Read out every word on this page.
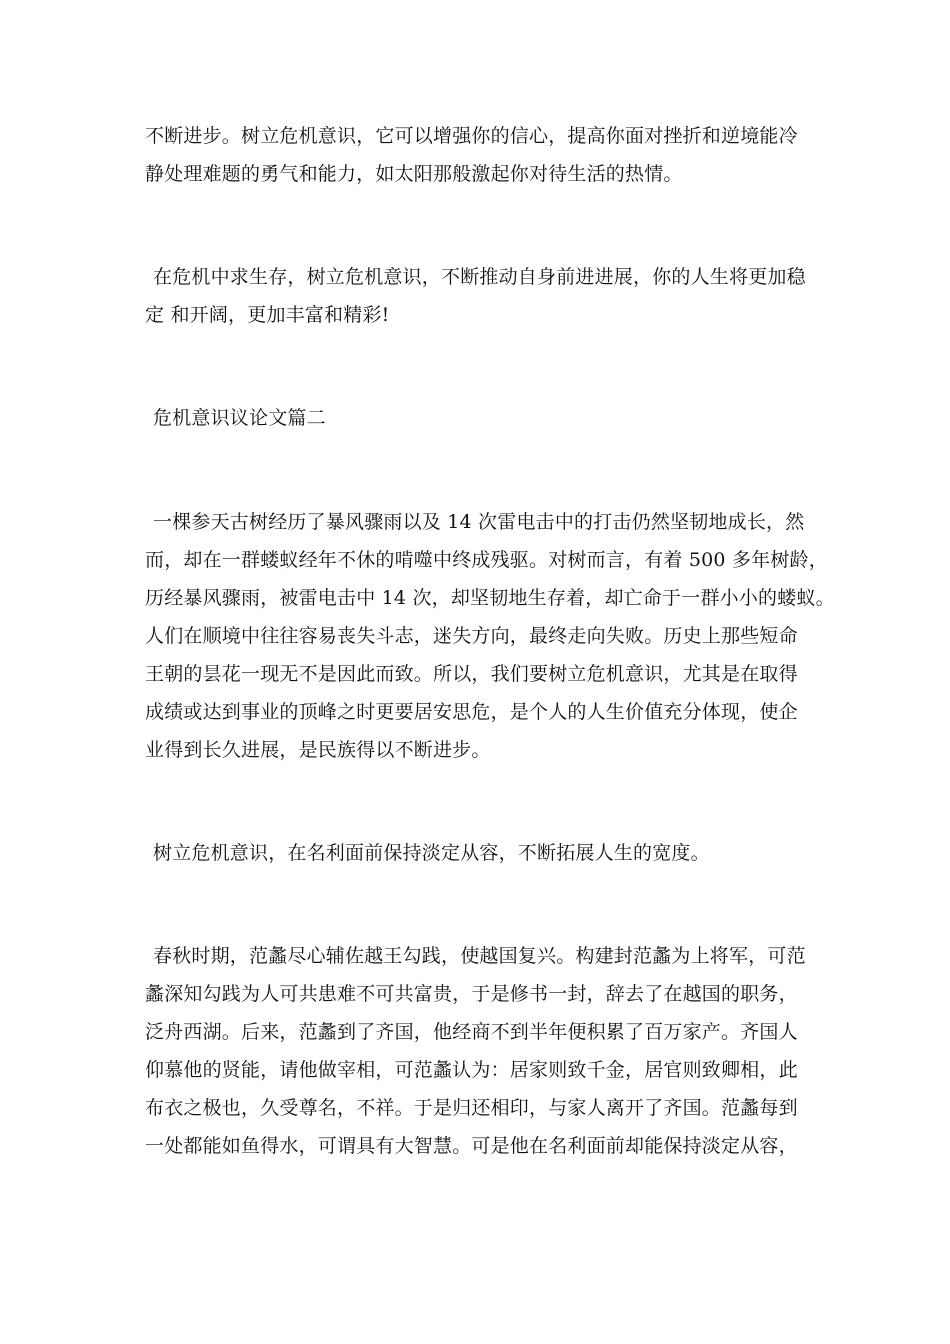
不断进步。树立危机意识，它可以增强你的信心，提高你面对挫折和逆境能冷
静处理难题的勇气和能力，如太阳那般激起你对待生活的热情。
在危机中求生存，树立危机意识，不断推动自身前进进展，你的人生将更加稳
定 和开阔，更加丰富和精彩!
危机意识议论文篇二
一棵参天古树经历了暴风骤雨以及 14 次雷电击中的打击仍然坚韧地成长，然
而，却在一群蝼蚁经年不休的啃噬中终成残驱。对树而言，有着 500 多年树龄，
历经暴风骤雨，被雷电击中 14 次，却坚韧地生存着，却亡命于一群小小的蝼蚁。
人们在顺境中往往容易丧失斗志，迷失方向，最终走向失败。历史上那些短命
王朝的昙花一现无不是因此而致。所以，我们要树立危机意识，尤其是在取得
成绩或达到事业的顶峰之时更要居安思危，是个人的人生价值充分体现，使企
业得到长久进展，是民族得以不断进步。
树立危机意识，在名利面前保持淡定从容，不断拓展人生的宽度。
春秋时期，范蠡尽心辅佐越王勾践，使越国复兴。构建封范蠡为上将军，可范
蠡深知勾践为人可共患难不可共富贵，于是修书一封，辞去了在越国的职务，
泛舟西湖。后来，范蠡到了齐国，他经商不到半年便积累了百万家产。齐国人
仰慕他的贤能，请他做宰相，可范蠡认为：居家则致千金，居官则致卿相，此
布衣之极也，久受尊名，不祥。于是归还相印，与家人离开了齐国。范蠡每到
一处都能如鱼得水，可谓具有大智慧。可是他在名利面前却能保持淡定从容，
